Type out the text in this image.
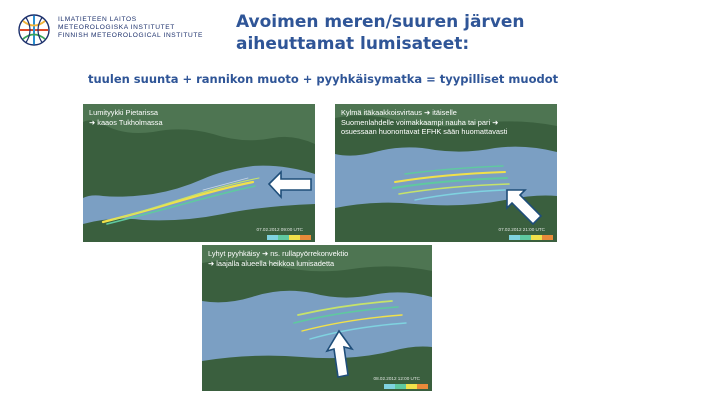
ILMATIETEEN LAITOS
METEOROLOGISKA INSTITUTET
FINNISH METEOROLOGICAL INSTITUTE
Avoimen meren/suuren järven
aiheuttamat lumisateet:
tuulen suunta + rannikon muoto + pyyhkäisymatka = tyypilliset muodot
Lumityykki Pietarissa
➜ kaaos Tukholmassa
07.02.2012 09:00 UTC
Kylmä itäkaakkoisvirtaus ➜ itäiselle
Suomenlahdelle voimakkaampi nauha tai pari ➜
osuessaan huonontavat EFHK sään huomattavasti
07.02.2012 21:00 UTC
Lyhyt pyyhkäisy ➜ ns. rullapyörrekonvektio
➜ laajalla alueella heikkoa lumisadetta
08.02.2012 12:00 UTC
